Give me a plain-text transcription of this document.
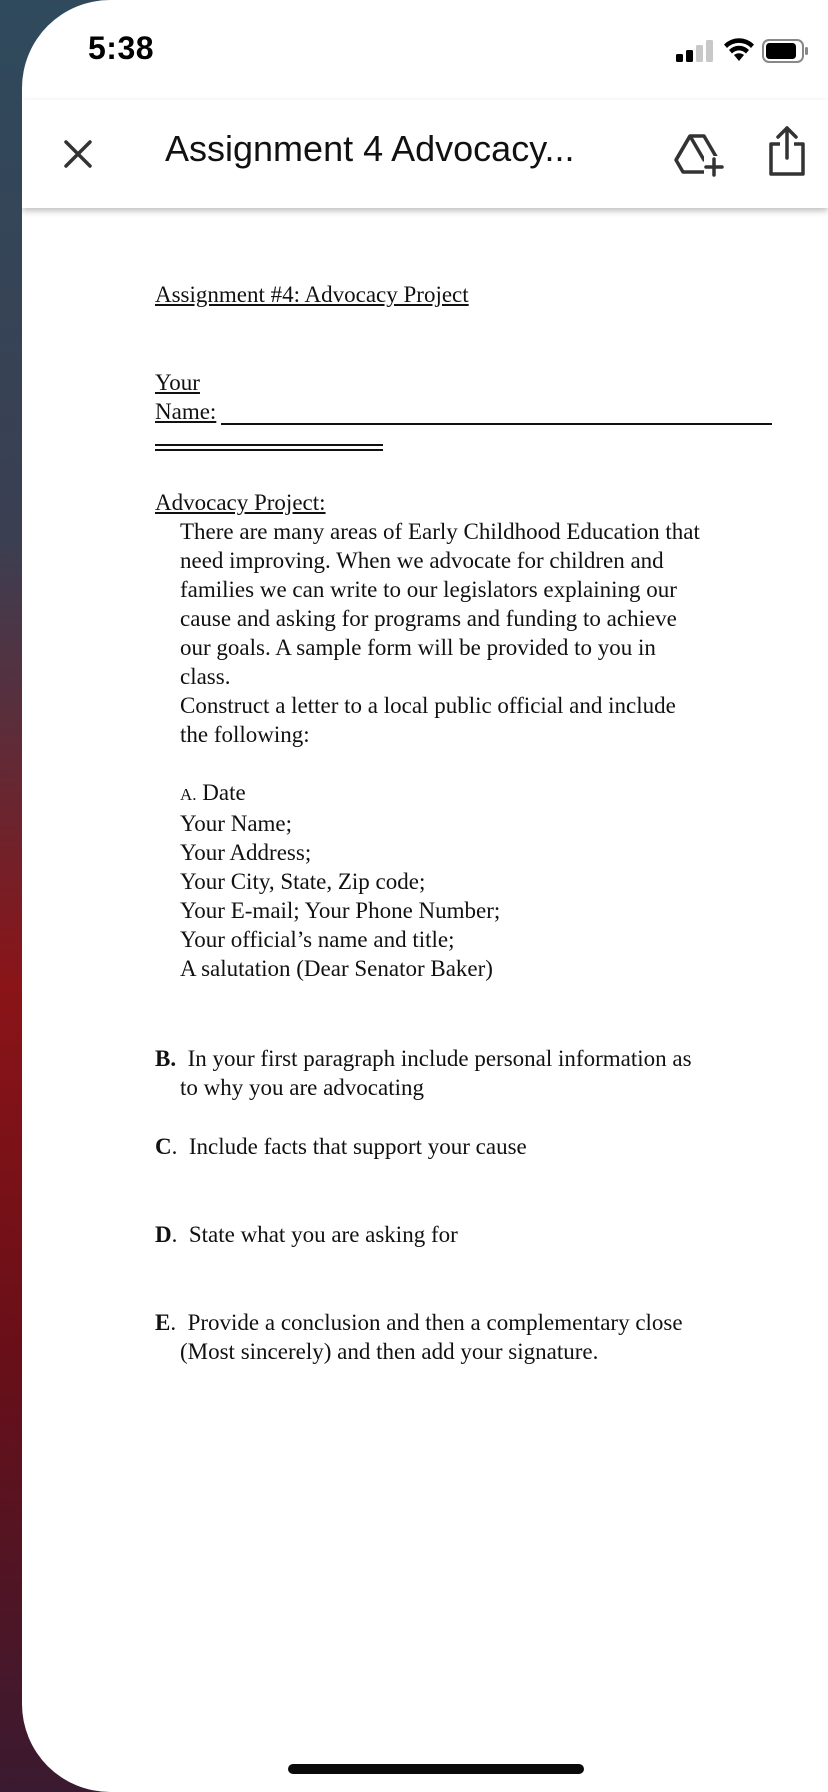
5:38
Assignment 4 Advocacy...
Assignment #4: Advocacy Project
Your
Name:
Advocacy Project:
There are many areas of Early Childhood Education that
need improving. When we advocate for children and
families we can write to our legislators explaining our
cause and asking for programs and funding to achieve
our goals. A sample form will be provided to you in
class.
Construct a letter to a local public official and include
the following:
A. Date
Your Name;
Your Address;
Your City, State, Zip code;
Your E-mail; Your Phone Number;
Your official’s name and title;
A salutation (Dear Senator Baker)
B. In your first paragraph include personal information as
to why you are advocating
C.  Include facts that support your cause
D.  State what you are asking for
E.  Provide a conclusion and then a complementary close
(Most sincerely) and then add your signature.
